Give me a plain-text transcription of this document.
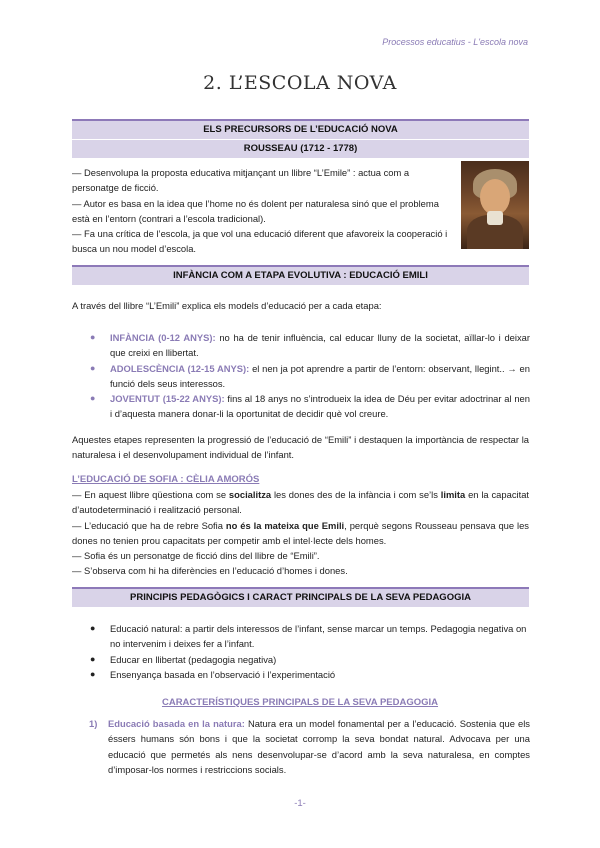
Processos educatius - L'escola nova
2. L’ESCOLA NOVA
ELS PRECURSORS DE L’EDUCACIÓ NOVA
ROUSSEAU (1712 - 1778)

— Desenvolupa la proposta educativa mitjançant un llibre “L’Emile” : actua com a personatge de ficció.

— Autor es basa en la idea que l’home no és dolent per naturalesa sinó que el problema està en l’entorn (contrari a l’escola tradicional).

— Fa una crítica de l’escola, ja que vol una educació diferent que afavoreix la cooperació i busca un nou model d’escola.

INFÀNCIA COM A ETAPA EVOLUTIVA : EDUCACIÓ EMILI
A través del llibre “L’Emili” explica els models d’educació per a cada etapa:
● INFÀNCIA (0-12 ANYS): no ha de tenir influència, cal educar lluny de la societat, aïllar-lo i deixar que creixi en llibertat.
● ADOLESCÈNCIA (12-15 ANYS): el nen ja pot aprendre a partir de l’entorn: observant, llegint.. → en funció dels seus interessos.
● JOVENTUT (15-22 ANYS): fins al 18 anys no s’introdueix la idea de Déu per evitar adoctrinar al nen i d’aquesta manera donar-li la oportunitat de decidir què vol creure.
Aquestes etapes representen la progressió de l’educació de “Emili” i destaquen la importància de respectar la naturalesa i el desenvolupament individual de l’infant.
L’EDUCACIÓ DE SOFIA : CÈLIA AMORÓS

— En aquest llibre qüestiona com se socialitza les dones des de la infància i com se’ls limita en la capacitat d’autodeterminació i realització personal.

— L’educació que ha de rebre Sofia no és la mateixa que Emili, perquè segons Rousseau pensava que les dones no tenien prou capacitats per competir amb el intel·lecte dels homes.

— Sofia és un personatge de ficció dins del llibre de “Emili”.

— S’observa com hi ha diferències en l’educació d’homes i dones.

PRINCIPIS PEDAGÒGICS I CARACT PRINCIPALS DE LA SEVA PEDAGOGIA
● Educació natural: a partir dels interessos de l’infant, sense marcar un temps. Pedagogia negativa on no intervenim i deixes fer a l’infant.
● Educar en llibertat (pedagogia negativa)
● Ensenyança basada en l’observació i l’experimentació
CARACTERÍSTIQUES PRINCIPALS DE LA SEVA PEDAGOGIA
1)	Educació basada en la natura: Natura era un model fonamental per a l’educació. Sostenia que els éssers humans són bons i que la societat corromp la seva bondat natural. Advocava per una educació que permetés als nens desenvolupar-se d’acord amb la seva naturalesa, en comptes d’imposar-los normes i restriccions socials.
-1-
